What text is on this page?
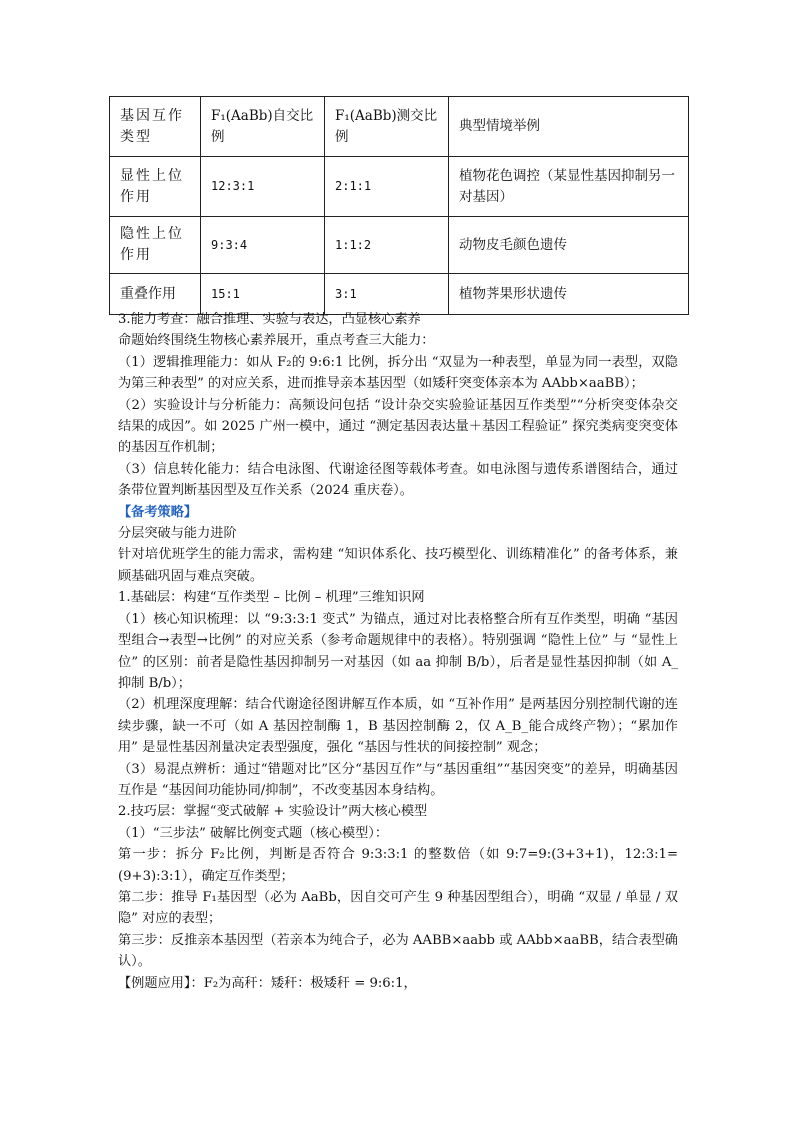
基因互作类型	F₁(AaBb)自交比例	F₁(AaBb)测交比例	典型情境举例
显性上位作用	12:3:1	2:1:1	植物花色调控（某显性基因抑制另一对基因）
隐性上位作用	9:3:4	1:1:2	动物皮毛颜色遗传
重叠作用	15:1	3:1	植物荠果形状遗传

3.能力考查：融合推理、实验与表达，凸显核心素养

命题始终围绕生物核心素养展开，重点考查三大能力：

（1）逻辑推理能力：如从 F₂的 9:6:1 比例，拆分出 “双显为一种表型，单显为同一表型，双隐为第三种表型” 的对应关系，进而推导亲本基因型（如矮秆突变体亲本为 AAbb×aaBB）；

（2）实验设计与分析能力：高频设问包括 “设计杂交实验验证基因互作类型”“分析突变体杂交结果的成因”。如 2025 广州一模中，通过 “测定基因表达量＋基因工程验证” 探究类病变突变体的基因互作机制；

（3）信息转化能力：结合电泳图、代谢途径图等载体考查。如电泳图与遗传系谱图结合，通过条带位置判断基因型及互作关系（2024 重庆卷）。

【备考策略】

分层突破与能力进阶

针对培优班学生的能力需求，需构建 “知识体系化、技巧模型化、训练精准化” 的备考体系，兼顾基础巩固与难点突破。

1.基础层：构建“互作类型 – 比例 – 机理”三维知识网

（1）核心知识梳理：以 “9:3:3:1 变式” 为锚点，通过对比表格整合所有互作类型，明确 “基因型组合→表型→比例” 的对应关系（参考命题规律中的表格）。特别强调 “隐性上位” 与 “显性上位” 的区别：前者是隐性基因抑制另一对基因（如 aa 抑制 B/b），后者是显性基因抑制（如 A_抑制 B/b）；

（2）机理深度理解：结合代谢途径图讲解互作本质，如 “互补作用” 是两基因分别控制代谢的连续步骤，缺一不可（如 A 基因控制酶 1，B 基因控制酶 2，仅 A_B_能合成终产物）；“累加作用” 是显性基因剂量决定表型强度，强化 “基因与性状的间接控制” 观念；

（3）易混点辨析：通过“错题对比”区分“基因互作”与“基因重组”“基因突变”的差异，明确基因互作是 “基因间功能协同/抑制”，不改变基因本身结构。

2.技巧层：掌握“变式破解 + 实验设计”两大核心模型

（1）“三步法” 破解比例变式题（核心模型）：

第一步：拆分 F₂比例，判断是否符合 9:3:3:1 的整数倍（如 9:7=9:(3+3+1)，12:3:1=(9+3):3:1），确定互作类型；

第二步：推导 F₁基因型（必为 AaBb，因自交可产生 9 种基因型组合），明确 “双显 / 单显 / 双隐” 对应的表型；

第三步：反推亲本基因型（若亲本为纯合子，必为 AABB×aabb 或 AAbb×aaBB，结合表型确认）。

【例题应用】：F₂为高秆：矮秆：极矮秆 = 9:6:1，
